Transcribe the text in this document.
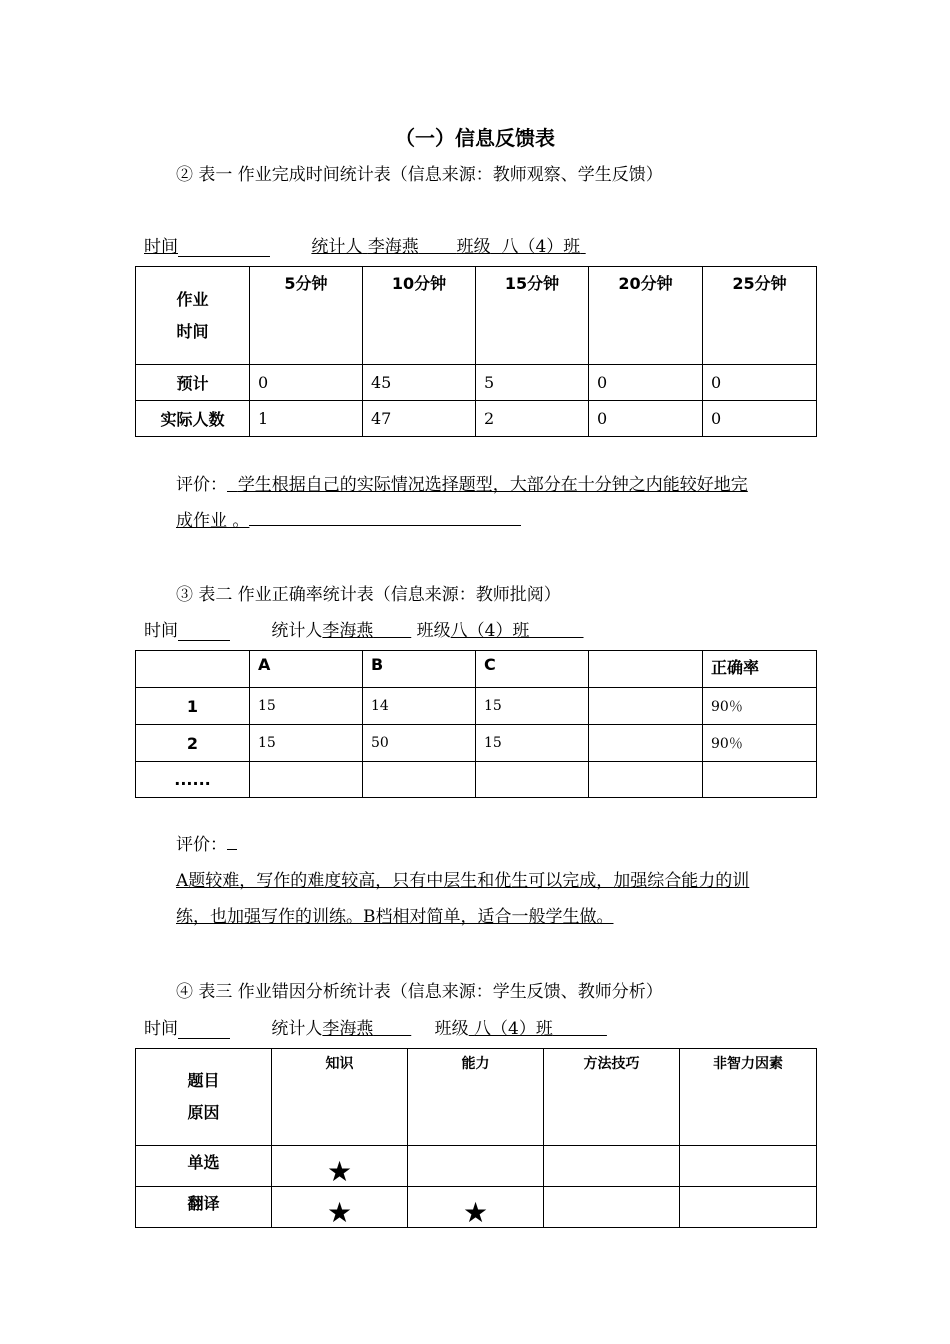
（一）信息反馈表
② 表一 作业完成时间统计表（信息来源：教师观察、学生反馈）
时间	统计人 李海燕 班级 八（4）班
作业
时间	5分钟	10分钟	15分钟	20分钟	25分钟
预计	0	45	5	0	0
实际人数	1	47	2	0	0
评价： 学生根据自己的实际情况选择题型，大部分在十分钟之内能较好地完
成作业 。
③ 表二 作业正确率统计表（信息来源：教师批阅）
时间	统计人李海燕	班级八（4）班
	A	B	C		正确率
1	15	14	15		90％
2	15	50	15		90％
......					
评价：
A题较难，写作的难度较高，只有中层生和优生可以完成，加强综合能力的训
练，也加强写作的训练。B档相对简单，适合一般学生做。
④ 表三 作业错因分析统计表（信息来源：学生反馈、教师分析）
时间	统计人李海燕	班级 八（4）班
题目
原因	知识	能力	方法技巧	非智力因素
单选	★			

翻译	★	★		
